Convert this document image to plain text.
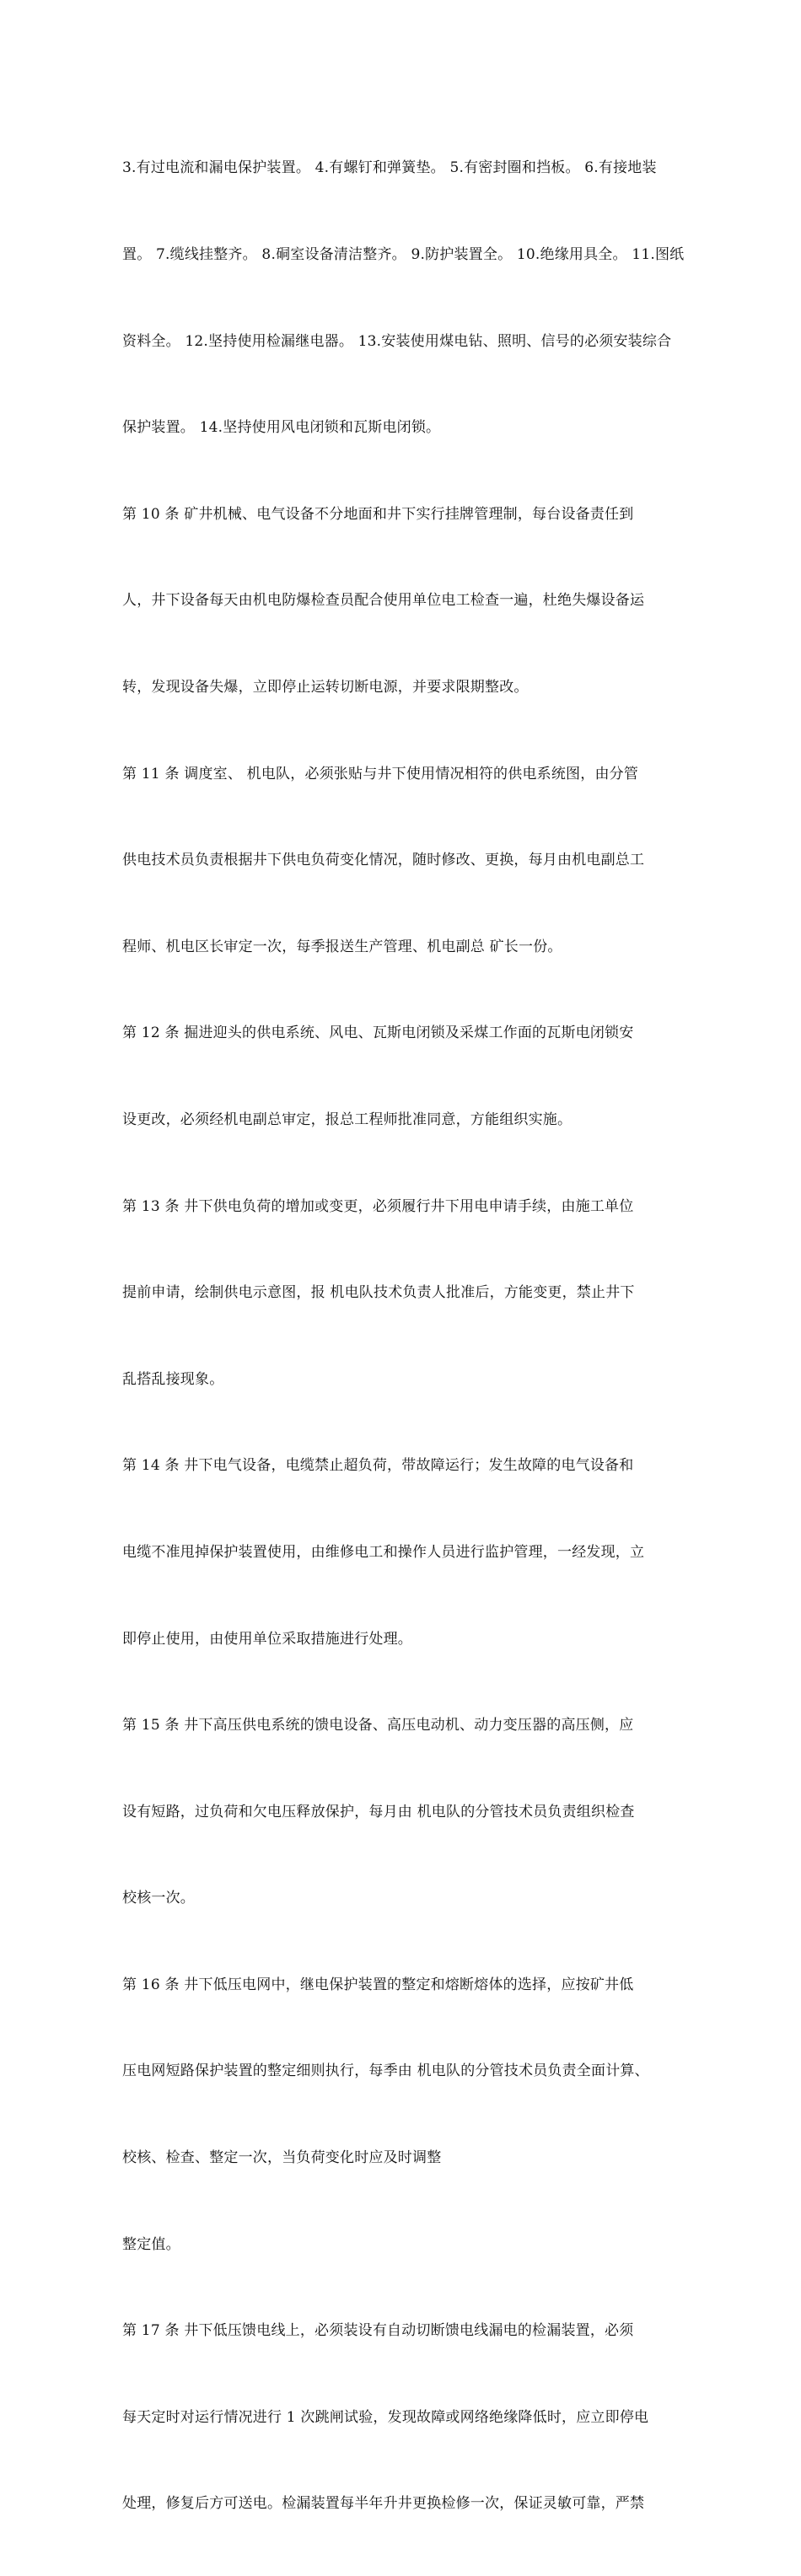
3.有过电流和漏电保护装置。 4.有螺钉和弹簧垫。 5.有密封圈和挡板。 6.有接地装

置。 7.缆线挂整齐。 8.硐室设备清洁整齐。 9.防护装置全。 10.绝缘用具全。 11.图纸

资料全。 12.坚持使用检漏继电器。 13.安装使用煤电钻、照明、信号的必须安装综合

保护装置。 14.坚持使用风电闭锁和瓦斯电闭锁。

第 10 条 矿井机械、电气设备不分地面和井下实行挂牌管理制，每台设备责任到

人，井下设备每天由机电防爆检查员配合使用单位电工检查一遍，杜绝失爆设备运

转，发现设备失爆，立即停止运转切断电源，并要求限期整改。

第 11 条 调度室、 机电队，必须张贴与井下使用情况相符的供电系统图，由分管

供电技术员负责根据井下供电负荷变化情况，随时修改、更换，每月由机电副总工

程师、机电区长审定一次，每季报送生产管理、机电副总 矿长一份。

第 12 条 掘进迎头的供电系统、风电、瓦斯电闭锁及采煤工作面的瓦斯电闭锁安

设更改，必须经机电副总审定，报总工程师批准同意，方能组织实施。

第 13 条 井下供电负荷的增加或变更，必须履行井下用电申请手续，由施工单位

提前申请，绘制供电示意图，报 机电队技术负责人批准后，方能变更，禁止井下

乱搭乱接现象。

第 14 条 井下电气设备，电缆禁止超负荷，带故障运行；发生故障的电气设备和

电缆不准甩掉保护装置使用，由维修电工和操作人员进行监护管理，一经发现，立

即停止使用，由使用单位采取措施进行处理。

第 15 条 井下高压供电系统的馈电设备、高压电动机、动力变压器的高压侧，应

设有短路，过负荷和欠电压释放保护，每月由 机电队的分管技术员负责组织检查

校核一次。

第 16 条 井下低压电网中，继电保护装置的整定和熔断熔体的选择，应按矿井低

压电网短路保护装置的整定细则执行，每季由 机电队的分管技术员负责全面计算、

校核、检查、整定一次，当负荷变化时应及时调整

整定值。

第 17 条 井下低压馈电线上，必须装设有自动切断馈电线漏电的检漏装置，必须

每天定时对运行情况进行 1 次跳闸试验，发现故障或网络绝缘降低时，应立即停电

处理，修复后方可送电。检漏装置每半年升井更换检修一次，保证灵敏可靠，严禁
